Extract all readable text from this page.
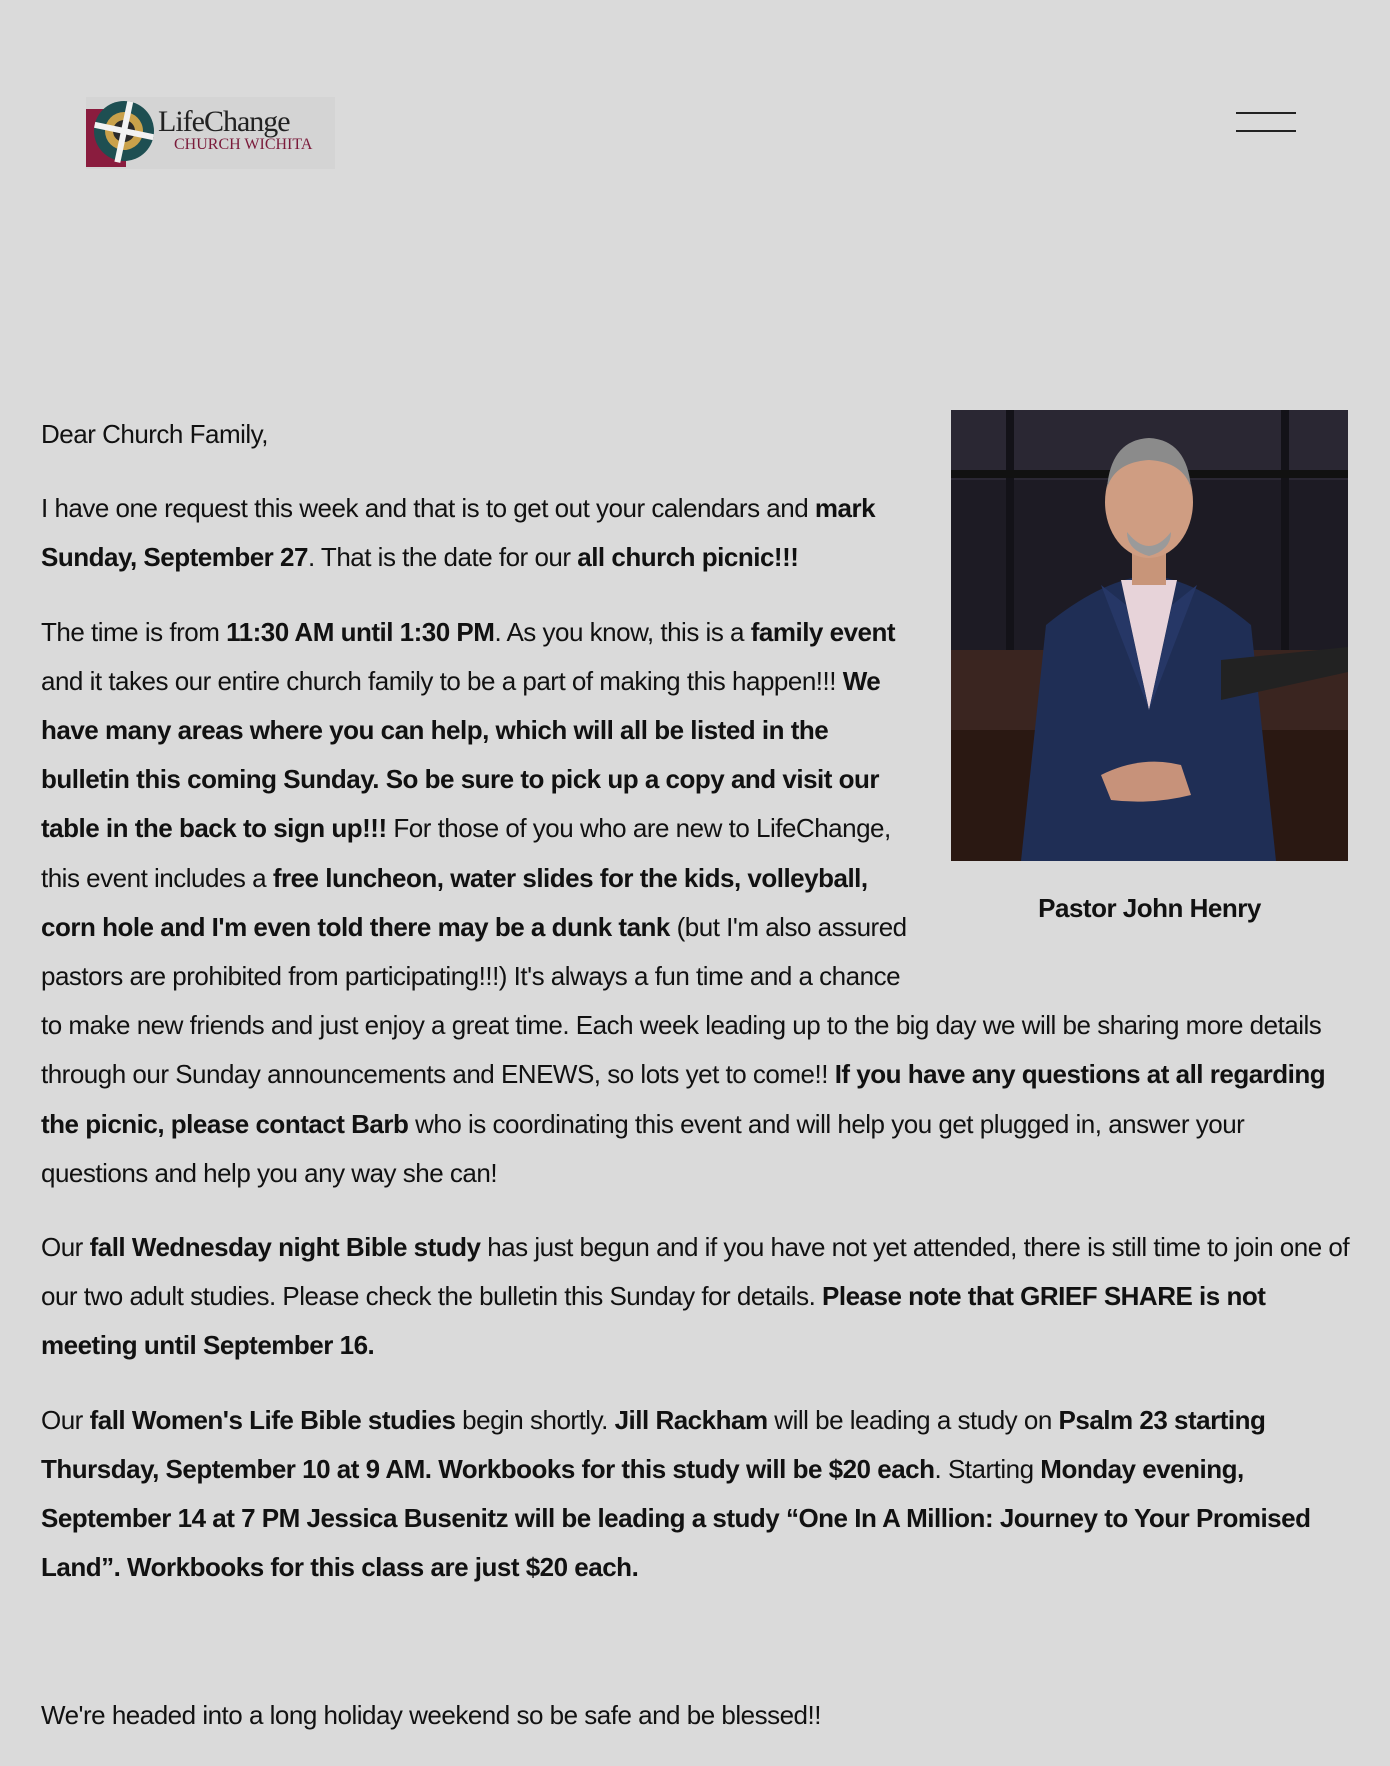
LifeChange
CHURCH WICHITA
Pastor John Henry

Dear Church Family,

I have one request this week and that is to get out your calendars and mark Sunday, September 27. That is the date for our all church picnic!!!

The time is from 11:30 AM until 1:30 PM. As you know, this is a family event and it takes our entire church family to be a part of making this happen!!! We have many areas where you can help, which will all be listed in the bulletin this coming Sunday. So be sure to pick up a copy and visit our table in the back to sign up!!! For those of you who are new to LifeChange, this event includes a free luncheon, water slides for the kids, volleyball, corn hole and I'm even told there may be a dunk tank (but I'm also assured pastors are prohibited from participating!!!) It's always a fun time and a chance to make new friends and just enjoy a great time. Each week leading up to the big day we will be sharing more details through our Sunday announcements and ENEWS, so lots yet to come!! If you have any questions at all regarding the picnic, please contact Barb who is coordinating this event and will help you get plugged in, answer your questions and help you any way she can!

Our fall Wednesday night Bible study has just begun and if you have not yet attended, there is still time to join one of our two adult studies. Please check the bulletin this Sunday for details. Please note that GRIEF SHARE is not meeting until September 16.

Our fall Women's Life Bible studies begin shortly. Jill Rackham will be leading a study on Psalm 23 starting Thursday, September 10 at 9 AM. Workbooks for this study will be $20 each. Starting Monday evening, September 14 at 7 PM Jessica Busenitz will be leading a study “One In A Million: Journey to Your Promised Land”. Workbooks for this class are just $20 each.

We're headed into a long holiday weekend so be safe and be blessed!!
